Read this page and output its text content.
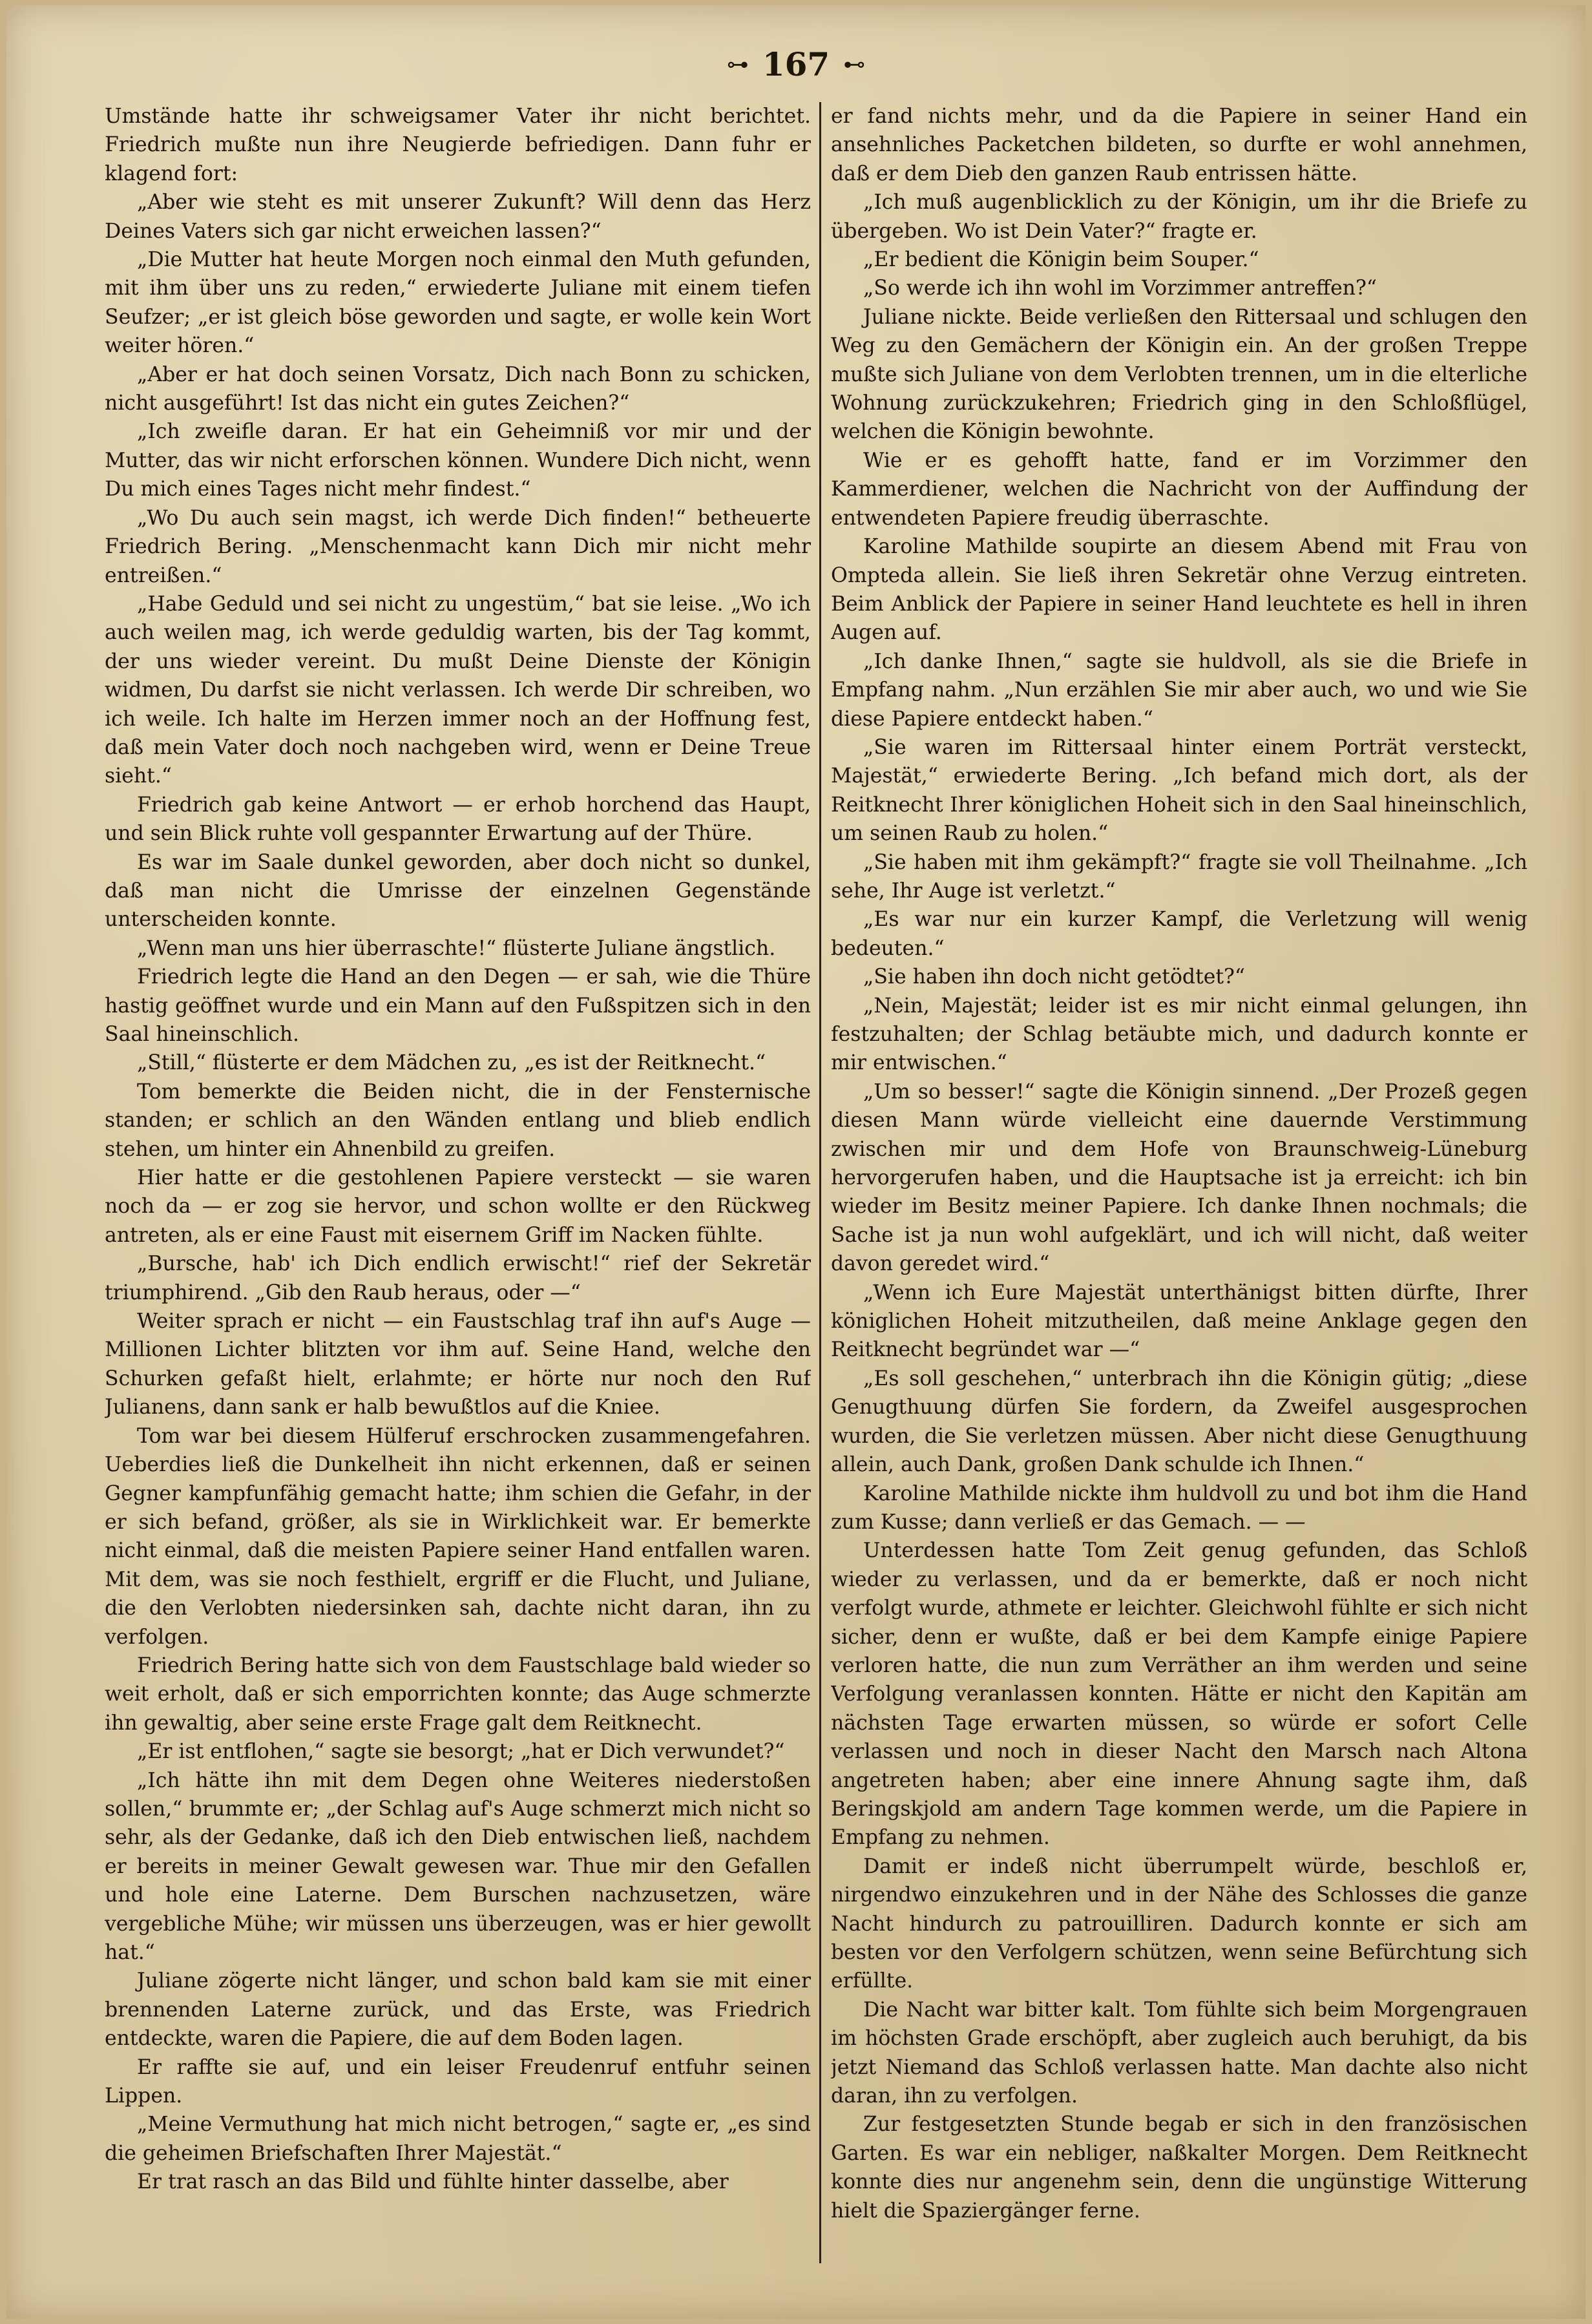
⊶ 167 ⊷

Umstände hatte ihr schweigsamer Vater ihr nicht berichtet. Friedrich mußte nun ihre Neugierde befriedigen. Dann fuhr er klagend fort:

„Aber wie steht es mit unserer Zukunft? Will denn das Herz Deines Vaters sich gar nicht erweichen lassen?“

„Die Mutter hat heute Morgen noch einmal den Muth gefunden, mit ihm über uns zu reden,“ erwiederte Juliane mit einem tiefen Seufzer; „er ist gleich böse geworden und sagte, er wolle kein Wort weiter hören.“

„Aber er hat doch seinen Vorsatz, Dich nach Bonn zu schicken, nicht ausgeführt! Ist das nicht ein gutes Zeichen?“

„Ich zweifle daran. Er hat ein Geheimniß vor mir und der Mutter, das wir nicht erforschen können. Wundere Dich nicht, wenn Du mich eines Tages nicht mehr findest.“

„Wo Du auch sein magst, ich werde Dich finden!“ betheuerte Friedrich Bering. „Menschenmacht kann Dich mir nicht mehr entreißen.“

„Habe Geduld und sei nicht zu ungestüm,“ bat sie leise. „Wo ich auch weilen mag, ich werde geduldig warten, bis der Tag kommt, der uns wieder vereint. Du mußt Deine Dienste der Königin widmen, Du darfst sie nicht verlassen. Ich werde Dir schreiben, wo ich weile. Ich halte im Herzen immer noch an der Hoffnung fest, daß mein Vater doch noch nachgeben wird, wenn er Deine Treue sieht.“

Friedrich gab keine Antwort — er erhob horchend das Haupt, und sein Blick ruhte voll gespannter Erwartung auf der Thüre.

Es war im Saale dunkel geworden, aber doch nicht so dunkel, daß man nicht die Umrisse der einzelnen Gegenstände unterscheiden konnte.

„Wenn man uns hier überraschte!“ flüsterte Juliane ängstlich.

Friedrich legte die Hand an den Degen — er sah, wie die Thüre hastig geöffnet wurde und ein Mann auf den Fußspitzen sich in den Saal hineinschlich.

„Still,“ flüsterte er dem Mädchen zu, „es ist der Reitknecht.“

Tom bemerkte die Beiden nicht, die in der Fensternische standen; er schlich an den Wänden entlang und blieb endlich stehen, um hinter ein Ahnenbild zu greifen.

Hier hatte er die gestohlenen Papiere versteckt — sie waren noch da — er zog sie hervor, und schon wollte er den Rückweg antreten, als er eine Faust mit eisernem Griff im Nacken fühlte.

„Bursche, hab' ich Dich endlich erwischt!“ rief der Sekretär triumphirend. „Gib den Raub heraus, oder —“

Weiter sprach er nicht — ein Faustschlag traf ihn auf's Auge — Millionen Lichter blitzten vor ihm auf. Seine Hand, welche den Schurken gefaßt hielt, erlahmte; er hörte nur noch den Ruf Julianens, dann sank er halb bewußtlos auf die Kniee.

Tom war bei diesem Hülferuf erschrocken zusammengefahren. Ueberdies ließ die Dunkelheit ihn nicht erkennen, daß er seinen Gegner kampfunfähig gemacht hatte; ihm schien die Gefahr, in der er sich befand, größer, als sie in Wirklichkeit war. Er bemerkte nicht einmal, daß die meisten Papiere seiner Hand entfallen waren. Mit dem, was sie noch festhielt, ergriff er die Flucht, und Juliane, die den Verlobten niedersinken sah, dachte nicht daran, ihn zu verfolgen.

Friedrich Bering hatte sich von dem Faustschlage bald wieder so weit erholt, daß er sich emporrichten konnte; das Auge schmerzte ihn gewaltig, aber seine erste Frage galt dem Reitknecht.

„Er ist entflohen,“ sagte sie besorgt; „hat er Dich verwundet?“

„Ich hätte ihn mit dem Degen ohne Weiteres niederstoßen sollen,“ brummte er; „der Schlag auf's Auge schmerzt mich nicht so sehr, als der Gedanke, daß ich den Dieb entwischen ließ, nachdem er bereits in meiner Gewalt gewesen war. Thue mir den Gefallen und hole eine Laterne. Dem Burschen nachzusetzen, wäre vergebliche Mühe; wir müssen uns überzeugen, was er hier gewollt hat.“

Juliane zögerte nicht länger, und schon bald kam sie mit einer brennenden Laterne zurück, und das Erste, was Friedrich entdeckte, waren die Papiere, die auf dem Boden lagen.

Er raffte sie auf, und ein leiser Freudenruf entfuhr seinen Lippen.

„Meine Vermuthung hat mich nicht betrogen,“ sagte er, „es sind die geheimen Briefschaften Ihrer Majestät.“

Er trat rasch an das Bild und fühlte hinter dasselbe, aber

er fand nichts mehr, und da die Papiere in seiner Hand ein ansehnliches Packetchen bildeten, so durfte er wohl annehmen, daß er dem Dieb den ganzen Raub entrissen hätte.

„Ich muß augenblicklich zu der Königin, um ihr die Briefe zu übergeben. Wo ist Dein Vater?“ fragte er.

„Er bedient die Königin beim Souper.“

„So werde ich ihn wohl im Vorzimmer antreffen?“

Juliane nickte. Beide verließen den Rittersaal und schlugen den Weg zu den Gemächern der Königin ein. An der großen Treppe mußte sich Juliane von dem Verlobten trennen, um in die elterliche Wohnung zurückzukehren; Friedrich ging in den Schloßflügel, welchen die Königin bewohnte.

Wie er es gehofft hatte, fand er im Vorzimmer den Kammerdiener, welchen die Nachricht von der Auffindung der entwendeten Papiere freudig überraschte.

Karoline Mathilde soupirte an diesem Abend mit Frau von Ompteda allein. Sie ließ ihren Sekretär ohne Verzug eintreten. Beim Anblick der Papiere in seiner Hand leuchtete es hell in ihren Augen auf.

„Ich danke Ihnen,“ sagte sie huldvoll, als sie die Briefe in Empfang nahm. „Nun erzählen Sie mir aber auch, wo und wie Sie diese Papiere entdeckt haben.“

„Sie waren im Rittersaal hinter einem Porträt versteckt, Majestät,“ erwiederte Bering. „Ich befand mich dort, als der Reitknecht Ihrer königlichen Hoheit sich in den Saal hineinschlich, um seinen Raub zu holen.“

„Sie haben mit ihm gekämpft?“ fragte sie voll Theilnahme. „Ich sehe, Ihr Auge ist verletzt.“

„Es war nur ein kurzer Kampf, die Verletzung will wenig bedeuten.“

„Sie haben ihn doch nicht getödtet?“

„Nein, Majestät; leider ist es mir nicht einmal gelungen, ihn festzuhalten; der Schlag betäubte mich, und dadurch konnte er mir entwischen.“

„Um so besser!“ sagte die Königin sinnend. „Der Prozeß gegen diesen Mann würde vielleicht eine dauernde Verstimmung zwischen mir und dem Hofe von Braunschweig-Lüneburg hervorgerufen haben, und die Hauptsache ist ja erreicht: ich bin wieder im Besitz meiner Papiere. Ich danke Ihnen nochmals; die Sache ist ja nun wohl aufgeklärt, und ich will nicht, daß weiter davon geredet wird.“

„Wenn ich Eure Majestät unterthänigst bitten dürfte, Ihrer königlichen Hoheit mitzutheilen, daß meine Anklage gegen den Reitknecht begründet war —“

„Es soll geschehen,“ unterbrach ihn die Königin gütig; „diese Genugthuung dürfen Sie fordern, da Zweifel ausgesprochen wurden, die Sie verletzen müssen. Aber nicht diese Genugthuung allein, auch Dank, großen Dank schulde ich Ihnen.“

Karoline Mathilde nickte ihm huldvoll zu und bot ihm die Hand zum Kusse; dann verließ er das Gemach. — —

Unterdessen hatte Tom Zeit genug gefunden, das Schloß wieder zu verlassen, und da er bemerkte, daß er noch nicht verfolgt wurde, athmete er leichter. Gleichwohl fühlte er sich nicht sicher, denn er wußte, daß er bei dem Kampfe einige Papiere verloren hatte, die nun zum Verräther an ihm werden und seine Verfolgung veranlassen konnten. Hätte er nicht den Kapitän am nächsten Tage erwarten müssen, so würde er sofort Celle verlassen und noch in dieser Nacht den Marsch nach Altona angetreten haben; aber eine innere Ahnung sagte ihm, daß Beringskjold am andern Tage kommen werde, um die Papiere in Empfang zu nehmen.

Damit er indeß nicht überrumpelt würde, beschloß er, nirgendwo einzukehren und in der Nähe des Schlosses die ganze Nacht hindurch zu patrouilliren. Dadurch konnte er sich am besten vor den Verfolgern schützen, wenn seine Befürchtung sich erfüllte.

Die Nacht war bitter kalt. Tom fühlte sich beim Morgengrauen im höchsten Grade erschöpft, aber zugleich auch beruhigt, da bis jetzt Niemand das Schloß verlassen hatte. Man dachte also nicht daran, ihn zu verfolgen.

Zur festgesetzten Stunde begab er sich in den französischen Garten. Es war ein nebliger, naßkalter Morgen. Dem Reitknecht konnte dies nur angenehm sein, denn die ungünstige Witterung hielt die Spaziergänger ferne.
